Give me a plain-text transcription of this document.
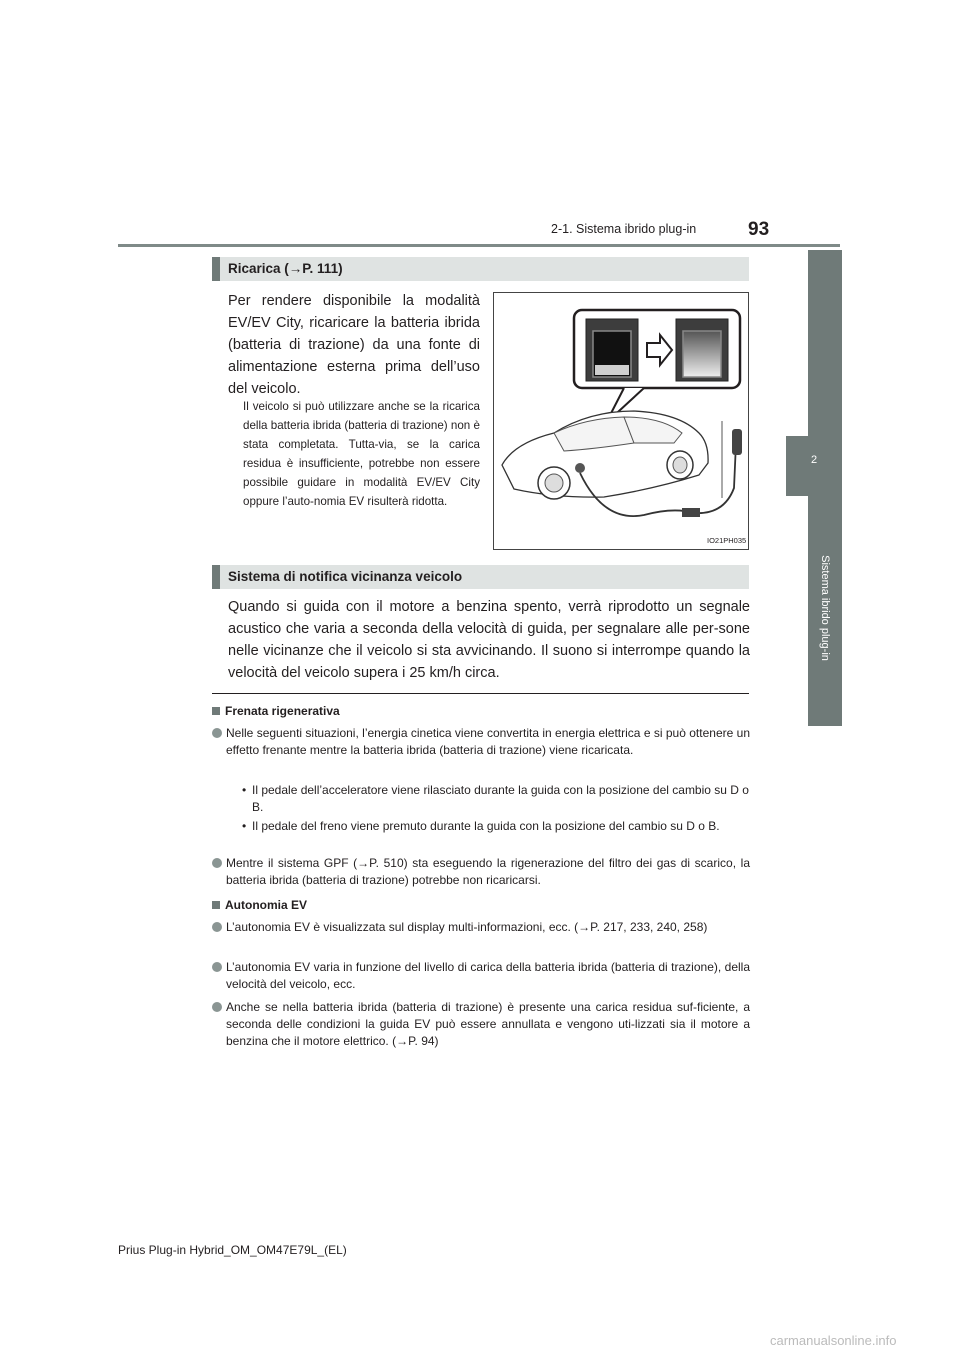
2-1. Sistema ibrido plug-in	93
2
Sistema ibrido plug-in
Ricarica (→P. 111)
Per rendere disponibile la modalità EV/EV City, ricaricare la batteria ibrida (batteria di trazione) da una fonte di alimentazione esterna prima dell’uso del veicolo.
Il veicolo si può utilizzare anche se la ricarica della batteria ibrida (batteria di trazione) non è stata completata. Tutta-via, se la carica residua è insufficiente, potrebbe non essere possibile guidare in modalità EV/EV City oppure l’auto-nomia EV risulterà ridotta.
IO21PH035
Sistema di notifica vicinanza veicolo
Quando si guida con il motore a benzina spento, verrà riprodotto un segnale acustico che varia a seconda della velocità di guida, per segnalare alle per-sone nelle vicinanze che il veicolo si sta avvicinando. Il suono si interrompe quando la velocità del veicolo supera i 25 km/h circa.
Frenata rigenerativa
Nelle seguenti situazioni, l’energia cinetica viene convertita in energia elettrica e si può ottenere un effetto frenante mentre la batteria ibrida (batteria di trazione) viene ricaricata.
• Il pedale dell’acceleratore viene rilasciato durante la guida con la posizione del cambio su D o B.
• Il pedale del freno viene premuto durante la guida con la posizione del cambio su D o B.
Mentre il sistema GPF (→P. 510) sta eseguendo la rigenerazione del filtro dei gas di scarico, la batteria ibrida (batteria di trazione) potrebbe non ricaricarsi.
Autonomia EV
L’autonomia EV è visualizzata sul display multi-informazioni, ecc. (→P. 217, 233, 240, 258)
L’autonomia EV varia in funzione del livello di carica della batteria ibrida (batteria di trazione), della velocità del veicolo, ecc.
Anche se nella batteria ibrida (batteria di trazione) è presente una carica residua suf-ficiente, a seconda delle condizioni la guida EV può essere annullata e vengono uti-lizzati sia il motore a benzina che il motore elettrico. (→P. 94)
Prius Plug-in Hybrid_OM_OM47E79L_(EL)
carmanualsonline.info
